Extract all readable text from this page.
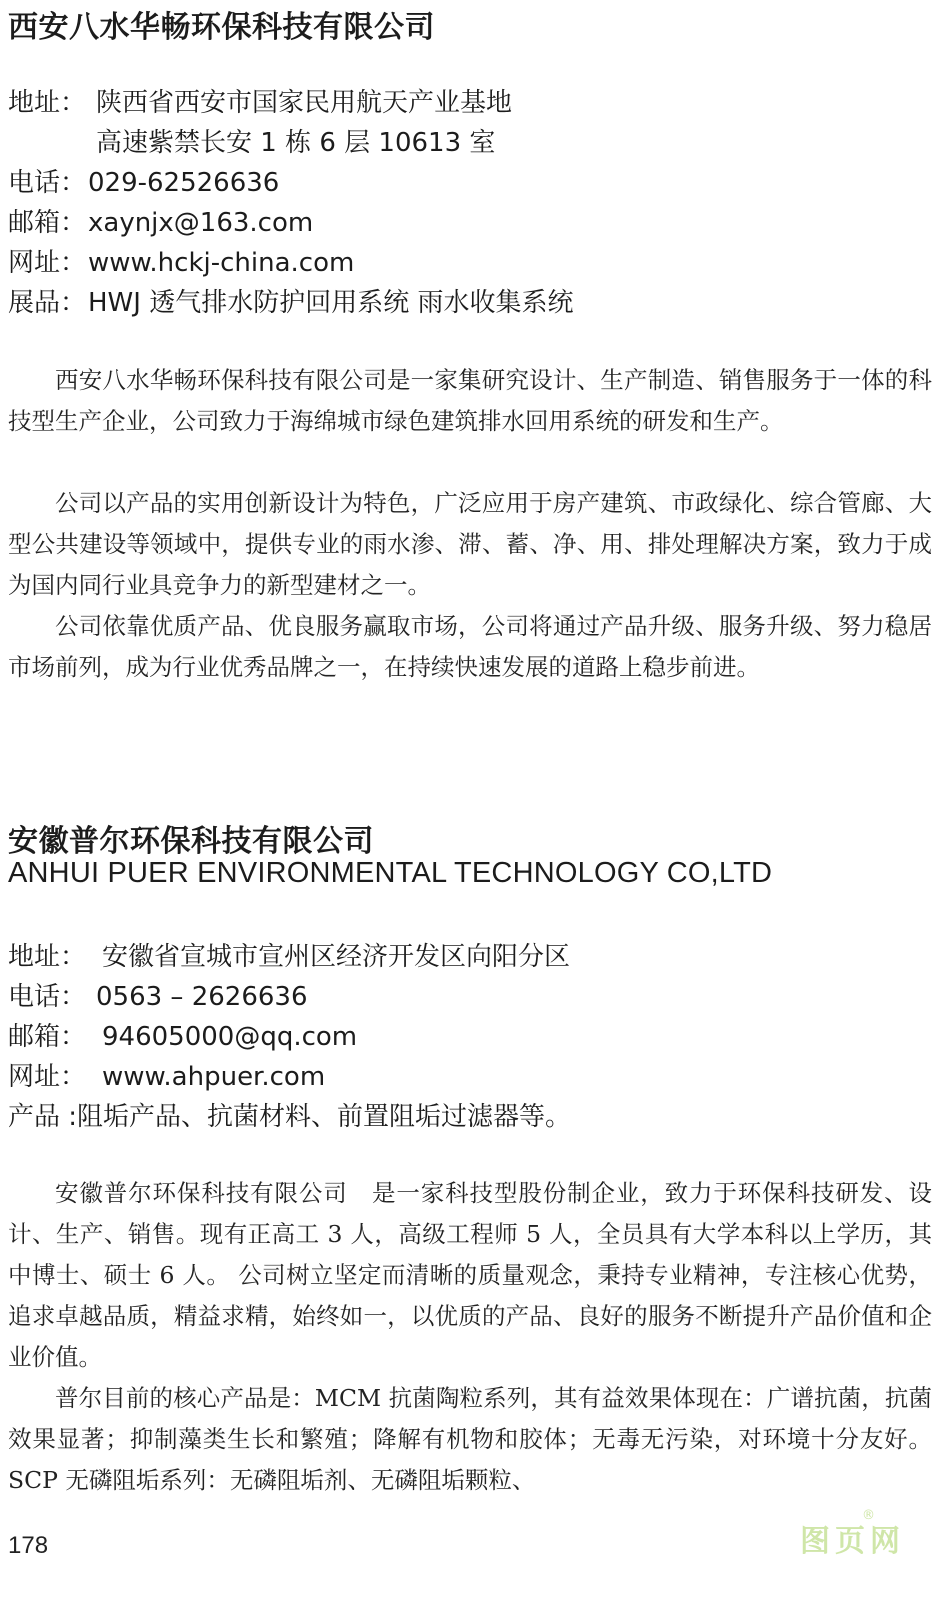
西安八水华畅环保科技有限公司
地址： 陕西省西安市国家民用航天产业基地
高速紫禁长安 1 栋 6 层 10613 室
电话： 029-62526636
邮箱： xaynjx@163.com
网址： www.hckj-china.com
展品： HWJ 透气排水防护回用系统 雨水收集系统

西安八水华畅环保科技有限公司是一家集研究设计、生产制造、销售服务于一体的科技型生产企业，公司致力于海绵城市绿色建筑排水回用系统的研发和生产。

公司以产品的实用创新设计为特色，广泛应用于房产建筑、市政绿化、综合管廊、大型公共建设等领域中，提供专业的雨水渗、滞、蓄、净、用、排处理解决方案，致力于成为国内同行业具竞争力的新型建材之一。

公司依靠优质产品、优良服务赢取市场，公司将通过产品升级、服务升级、努力稳居市场前列，成为行业优秀品牌之一，在持续快速发展的道路上稳步前进。

安徽普尔环保科技有限公司
ANHUI PUER ENVIRONMENTAL TECHNOLOGY CO,LTD
地址： 安徽省宣城市宣州区经济开发区向阳分区
电话： 0563 – 2626636
邮箱： 94605000@qq.com
网址： www.ahpuer.com
产品 : 阻垢产品、抗菌材料、前置阻垢过滤器等。

安徽普尔环保科技有限公司　是一家科技型股份制企业，致力于环保科技研发、设计、生产、销售。现有正高工 3 人，高级工程师 5 人，全员具有大学本科以上学历，其中博士、硕士 6 人。 公司树立坚定而清晰的质量观念，秉持专业精神，专注核心优势，追求卓越品质，精益求精，始终如一，以优质的产品、良好的服务不断提升产品价值和企业价值。

普尔目前的核心产品是：MCM 抗菌陶粒系列，其有益效果体现在：广谱抗菌，抗菌效果显著；抑制藻类生长和繁殖；降解有机物和胶体；无毒无污染，对环境十分友好。SCP 无磷阻垢系列：无磷阻垢剂、无磷阻垢颗粒、

178	图页网
®
